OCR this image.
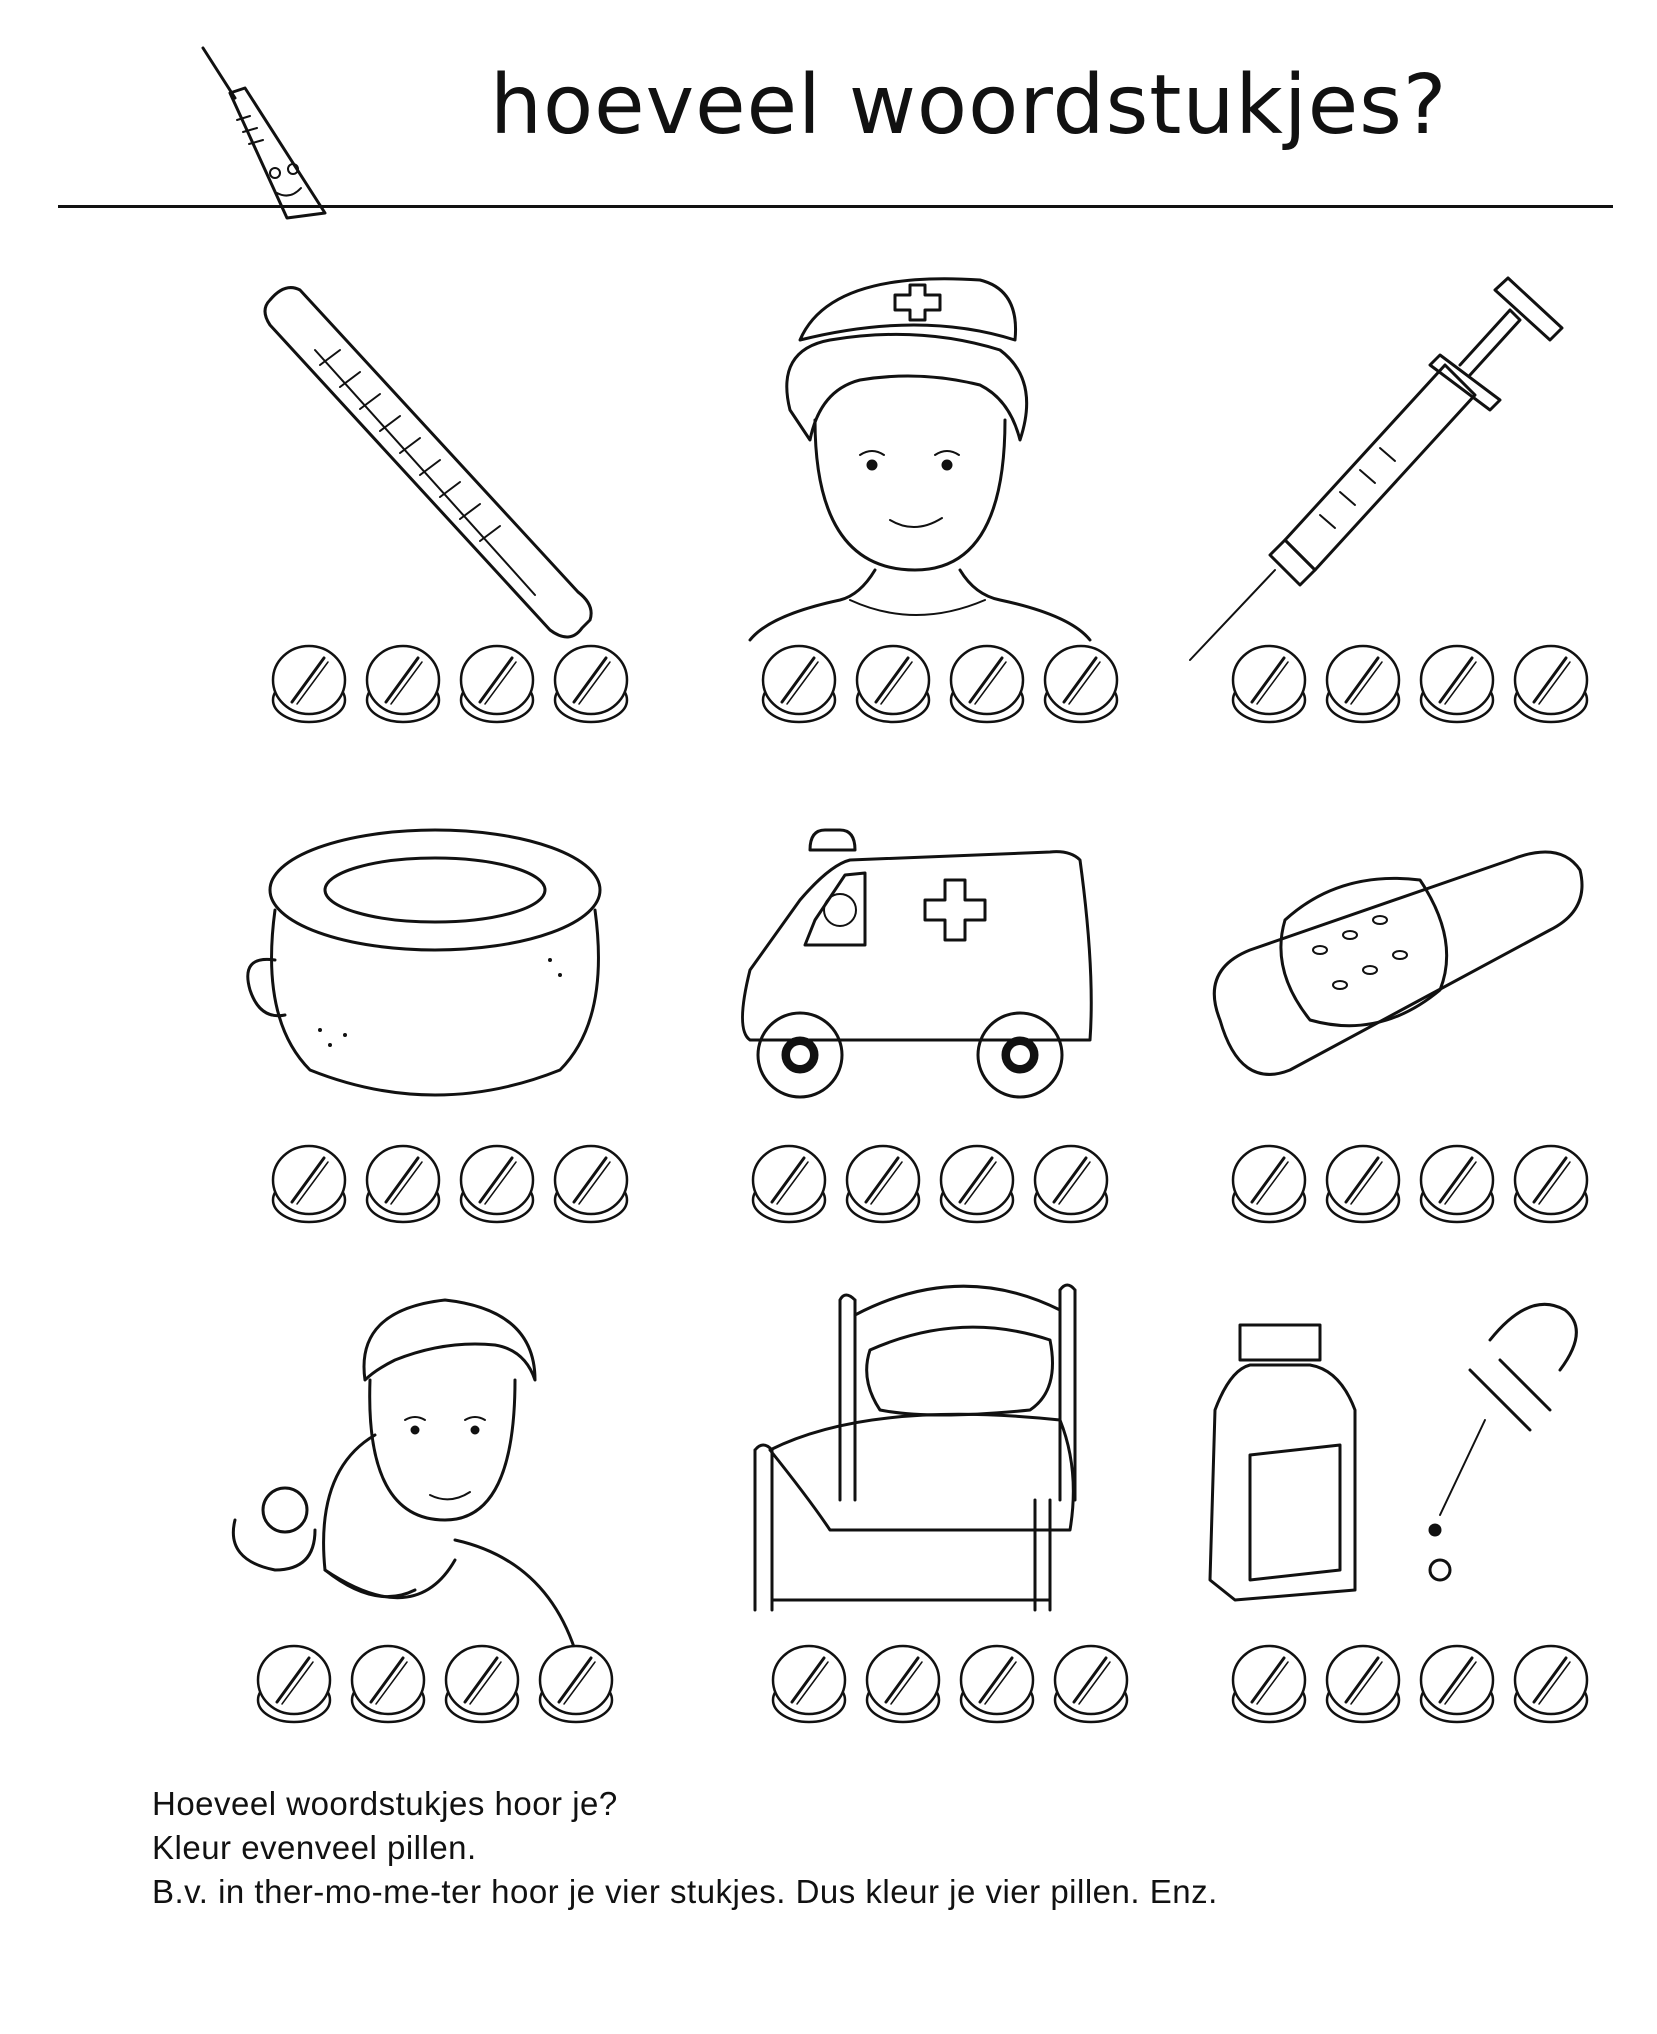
hoeveel woordstukjes?
Hoeveel woordstukjes hoor je?
Kleur evenveel pillen.
B.v. in ther-mo-me-ter hoor je vier stukjes. Dus kleur je vier pillen. Enz.
